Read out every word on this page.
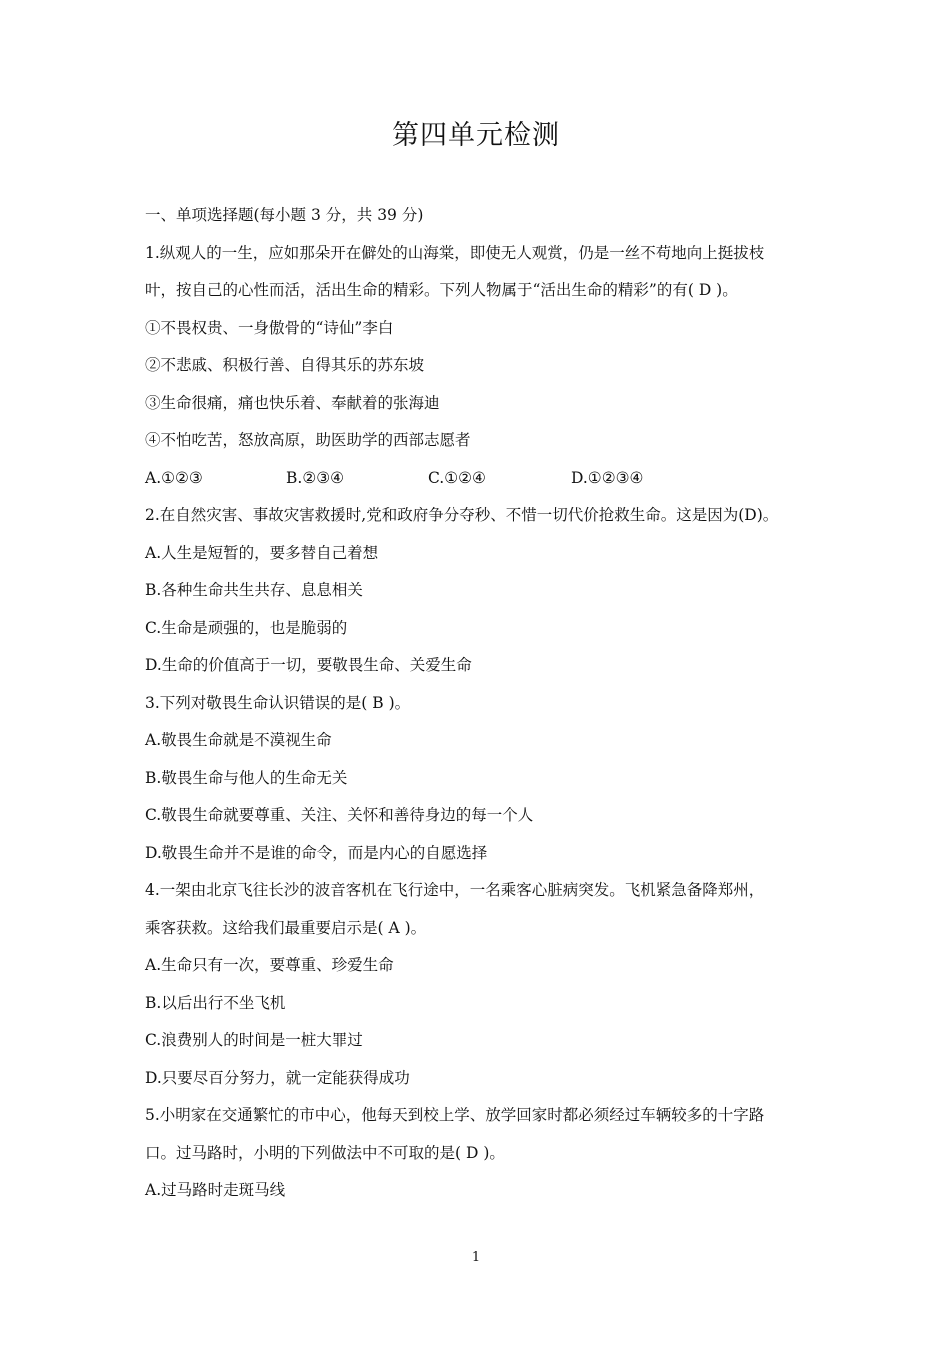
第四单元检测
一、单项选择题(每小题 3 分，共 39 分)
1.纵观人的一生，应如那朵开在僻处的山海棠，即使无人观赏，仍是一丝不苟地向上挺拔枝
叶，按自己的心性而活，活出生命的精彩。下列人物属于“活出生命的精彩”的有( D )。
①不畏权贵、一身傲骨的“诗仙”李白
②不悲戚、积极行善、自得其乐的苏东坡
③生命很痛，痛也快乐着、奉献着的张海迪
④不怕吃苦，怒放高原，助医助学的西部志愿者
A.①②③	B.②③④	C.①②④	D.①②③④
2.在自然灾害、事故灾害救援时,党和政府争分夺秒、不惜一切代价抢救生命。这是因为(D)。
A.人生是短暂的，要多替自己着想
B.各种生命共生共存、息息相关
C.生命是顽强的，也是脆弱的
D.生命的价值高于一切，要敬畏生命、关爱生命
3.下列对敬畏生命认识错误的是( B )。
A.敬畏生命就是不漠视生命
B.敬畏生命与他人的生命无关
C.敬畏生命就要尊重、关注、关怀和善待身边的每一个人
D.敬畏生命并不是谁的命令，而是内心的自愿选择
4.一架由北京飞往长沙的波音客机在飞行途中，一名乘客心脏病突发。飞机紧急备降郑州，
乘客获救。这给我们最重要启示是( A )。
A.生命只有一次，要尊重、珍爱生命
B.以后出行不坐飞机
C.浪费别人的时间是一桩大罪过
D.只要尽百分努力，就一定能获得成功
5.小明家在交通繁忙的市中心，他每天到校上学、放学回家时都必须经过车辆较多的十字路
口。过马路时，小明的下列做法中不可取的是( D )。
A.过马路时走斑马线
1
